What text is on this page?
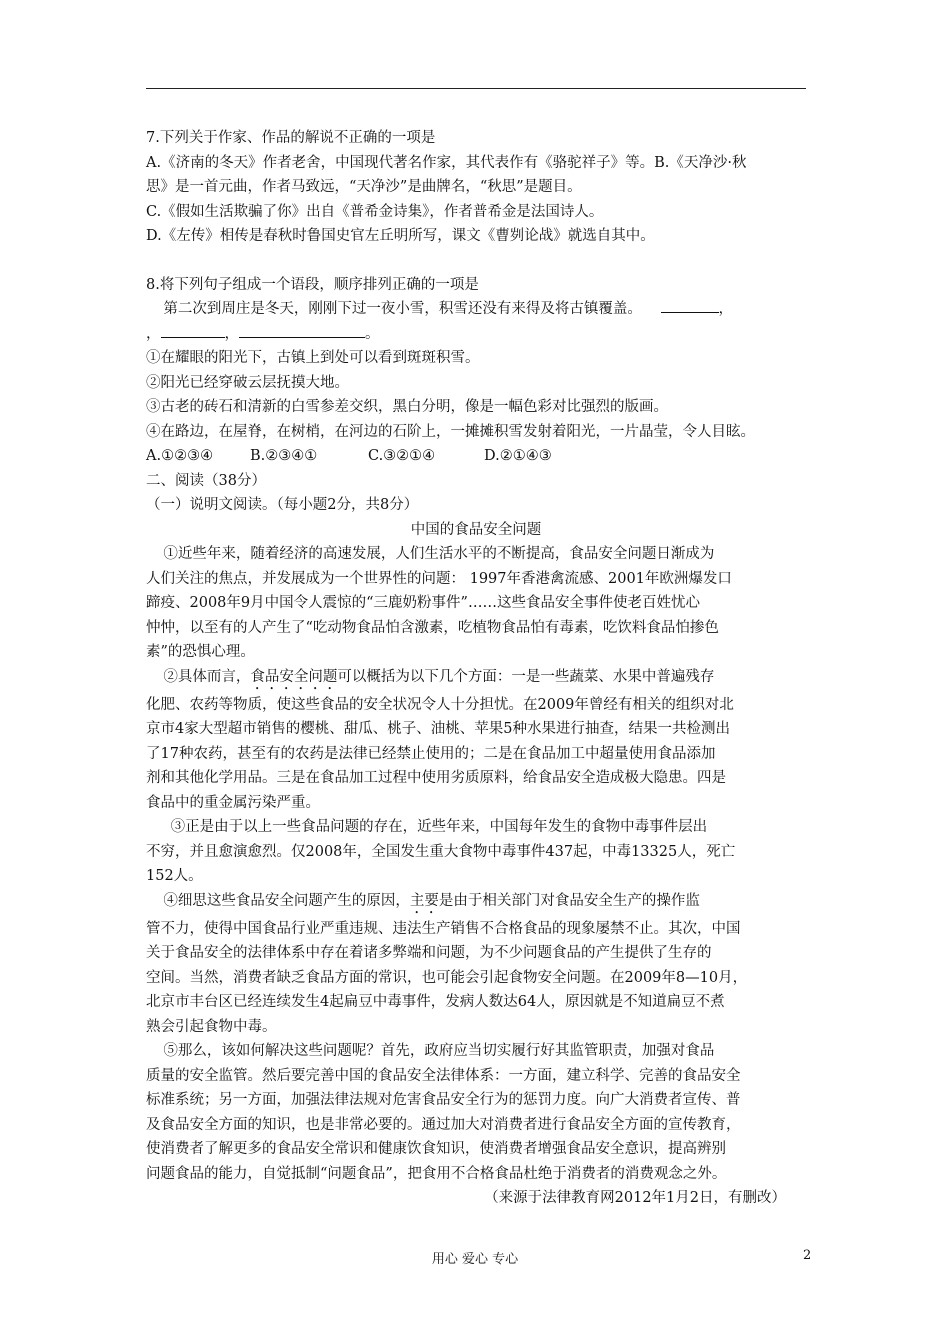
7.下列关于作家、作品的解说不正确的一项是

A.《济南的冬天》作者老舍，中国现代著名作家，其代表作有《骆驼祥子》等。B.《天净沙·秋

思》是一首元曲，作者马致远，“天净沙”是曲牌名，“秋思”是题目。

C.《假如生活欺骗了你》出自《普希金诗集》，作者普希金是法国诗人。

D.《左传》相传是春秋时鲁国史官左丘明所写，课文《曹刿论战》就选自其中。

8.将下列句子组成一个语段，顺序排列正确的一项是

第二次到周庄是冬天，刚刚下过一夜小雪，积雪还没有来得及将古镇覆盖。	，

，	，	。

①在耀眼的阳光下，古镇上到处可以看到斑斑积雪。

②阳光已经穿破云层抚摸大地。

③古老的砖石和清新的白雪参差交织，黑白分明，像是一幅色彩对比强烈的版画。

④在路边，在屋脊，在树梢，在河边的石阶上，一摊摊积雪发射着阳光，一片晶莹，令人目眩。

A.①②③④	B.②③④①	C.③②①④	D.②①④③

二、阅读（38分）

（一）说明文阅读。（每小题2分，共8分）

中国的食品安全问题

①近些年来，随着经济的高速发展，人们生活水平的不断提高，食品安全问题日渐成为

人们关注的焦点，并发展成为一个世界性的问题： 1997年香港禽流感、2001年欧洲爆发口

蹄疫、2008年9月中国令人震惊的“三鹿奶粉事件”……这些食品安全事件使老百姓忧心

忡忡，以至有的人产生了“吃动物食品怕含激素，吃植物食品怕有毒素，吃饮料食品怕掺色

素”的恐惧心理。

②具体而言，食品安全问题可以概括为以下几个方面：一是一些蔬菜、水果中普遍残存

化肥、农药等物质，使这些食品的安全状况令人十分担忧。在2009年曾经有相关的组织对北

京市4家大型超市销售的樱桃、甜瓜、桃子、油桃、苹果5种水果进行抽查，结果一共检测出

了17种农药，甚至有的农药是法律已经禁止使用的；二是在食品加工中超量使用食品添加

剂和其他化学用品。三是在食品加工过程中使用劣质原料，给食品安全造成极大隐患。四是

食品中的重金属污染严重。

③正是由于以上一些食品问题的存在，近些年来，中国每年发生的食物中毒事件层出

不穷，并且愈演愈烈。仅2008年，全国发生重大食物中毒事件437起，中毒13325人，死亡

152人。

④细思这些食品安全问题产生的原因，主要是由于相关部门对食品安全生产的操作监

管不力，使得中国食品行业严重违规、违法生产销售不合格食品的现象屡禁不止。其次，中国

关于食品安全的法律体系中存在着诸多弊端和问题，为不少问题食品的产生提供了生存的

空间。当然，消费者缺乏食品方面的常识，也可能会引起食物安全问题。在2009年8—10月，

北京市丰台区已经连续发生4起扁豆中毒事件，发病人数达64人，原因就是不知道扁豆不煮

熟会引起食物中毒。

⑤那么，该如何解决这些问题呢？首先，政府应当切实履行好其监管职责，加强对食品

质量的安全监管。然后要完善中国的食品安全法律体系：一方面，建立科学、完善的食品安全

标准系统；另一方面，加强法律法规对危害食品安全行为的惩罚力度。向广大消费者宣传、普

及食品安全方面的知识，也是非常必要的。通过加大对消费者进行食品安全方面的宣传教育，

使消费者了解更多的食品安全常识和健康饮食知识，使消费者增强食品安全意识，提高辨别

问题食品的能力，自觉抵制“问题食品”，把食用不合格食品杜绝于消费者的消费观念之外。

（来源于法律教育网2012年1月2日，有删改）

用心 爱心 专心	2
